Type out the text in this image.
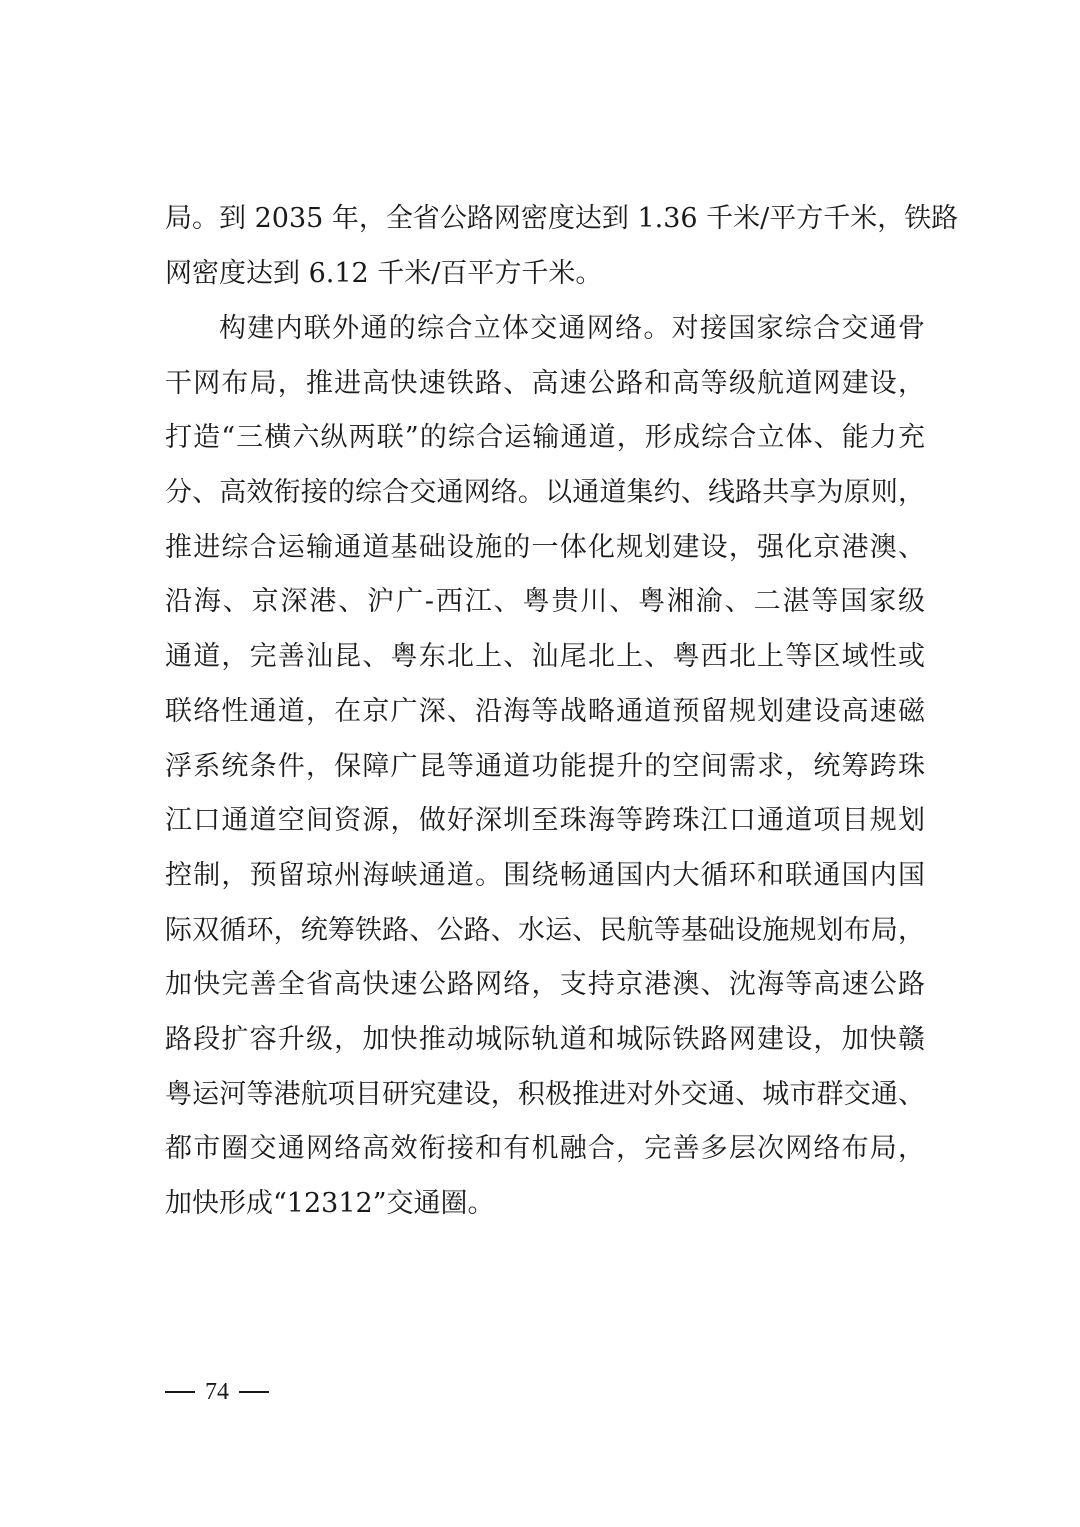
局。到 2035 年，全省公路网密度达到 1.36 千米/平方千米，铁路
网密度达到 6.12 千米/百平方千米。
构建内联外通的综合立体交通网络。对接国家综合交通骨
干网布局，推进高快速铁路、高速公路和高等级航道网建设，
打造“三横六纵两联”的综合运输通道，形成综合立体、能力充
分、高效衔接的综合交通网络。以通道集约、线路共享为原则，
推进综合运输通道基础设施的一体化规划建设，强化京港澳、
沿海、京深港、沪广-西江、粤贵川、粤湘渝、二湛等国家级
通道，完善汕昆、粤东北上、汕尾北上、粤西北上等区域性或
联络性通道，在京广深、沿海等战略通道预留规划建设高速磁
浮系统条件，保障广昆等通道功能提升的空间需求，统筹跨珠
江口通道空间资源，做好深圳至珠海等跨珠江口通道项目规划
控制，预留琼州海峡通道。围绕畅通国内大循环和联通国内国
际双循环，统筹铁路、公路、水运、民航等基础设施规划布局，
加快完善全省高快速公路网络，支持京港澳、沈海等高速公路
路段扩容升级，加快推动城际轨道和城际铁路网建设，加快赣
粤运河等港航项目研究建设，积极推进对外交通、城市群交通、
都市圈交通网络高效衔接和有机融合，完善多层次网络布局，
加快形成“12312”交通圈。
74
